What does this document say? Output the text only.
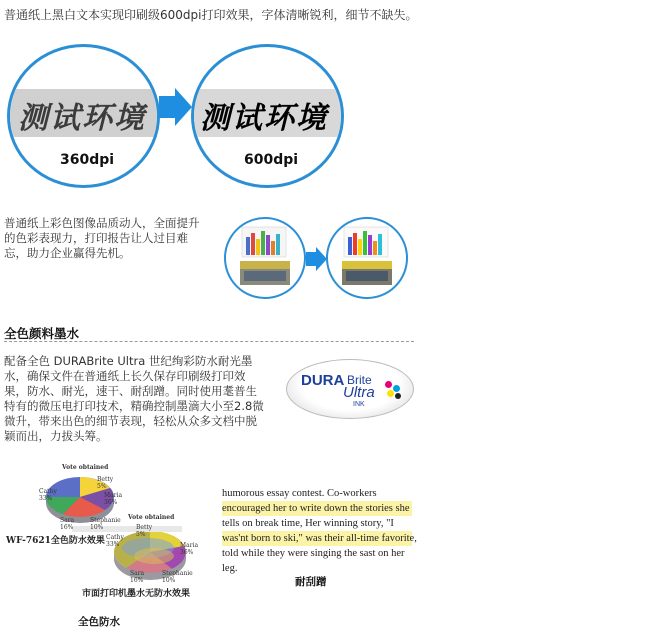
普通纸上黑白文本实现印刷级600dpi打印效果，字体清晰锐利，细节不缺失。
测试环境
360dpi
测试环境
600dpi
普通纸上彩色图像品质动人，全面提升
的色彩表现力，打印报告让人过目难
忘，助力企业赢得先机。
全色颜料墨水
配备全色 DURABrite Ultra 世纪绚彩防水耐光墨
水，确保文件在普通纸上长久保存印刷级打印效
果，防水、耐光，速干、耐刮蹭。同时使用耄普生
特有的微压电打印技术，精确控制墨滴大小至2.8微
微升，带来出色的细节表现，轻松从众多文档中脱
颖而出，力拔头筹。
DURA Brite
Ultra
INK
Vote obtained
Cathy
33%
Betty
5%
Maria
36%
Sara
16%
Stephanie
10%
Vote obtained
Betty
5%
Cathy
33%	Maria
36%
Sara
16%
Stephanie
10%
WF-7621全色防水效果
市面打印机墨水无防水效果
全色防水
humorous essay contest. Co-workers
encouraged her to write down the stories she
tells on break time, Her winning story, "I
was'nt born to ski," was their all-time favorite,
told while they were singing the sast on her
leg.
耐刮蹭
